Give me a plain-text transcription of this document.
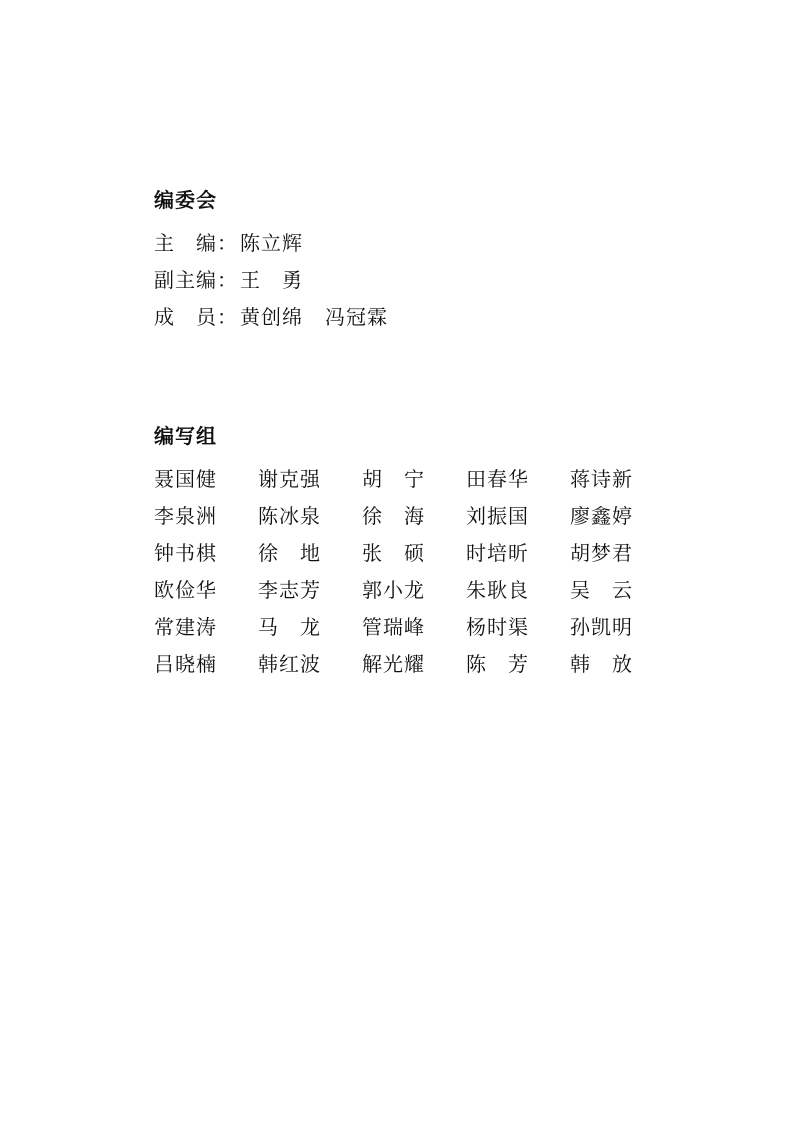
编委会
主　编： 陈立辉
副主编： 王　勇
成　员： 黄创绵 冯冠霖
编写组
聂国健	谢克强	胡　宁	田春华	蒋诗新
李泉洲	陈冰泉	徐　海	刘振国	廖鑫婷
钟书棋	徐　地	张　硕	时培昕	胡梦君
欧俭华	李志芳	郭小龙	朱耿良	吴　云
常建涛	马　龙	管瑞峰	杨时渠	孙凯明
吕晓楠	韩红波	解光耀	陈　芳	韩　放
